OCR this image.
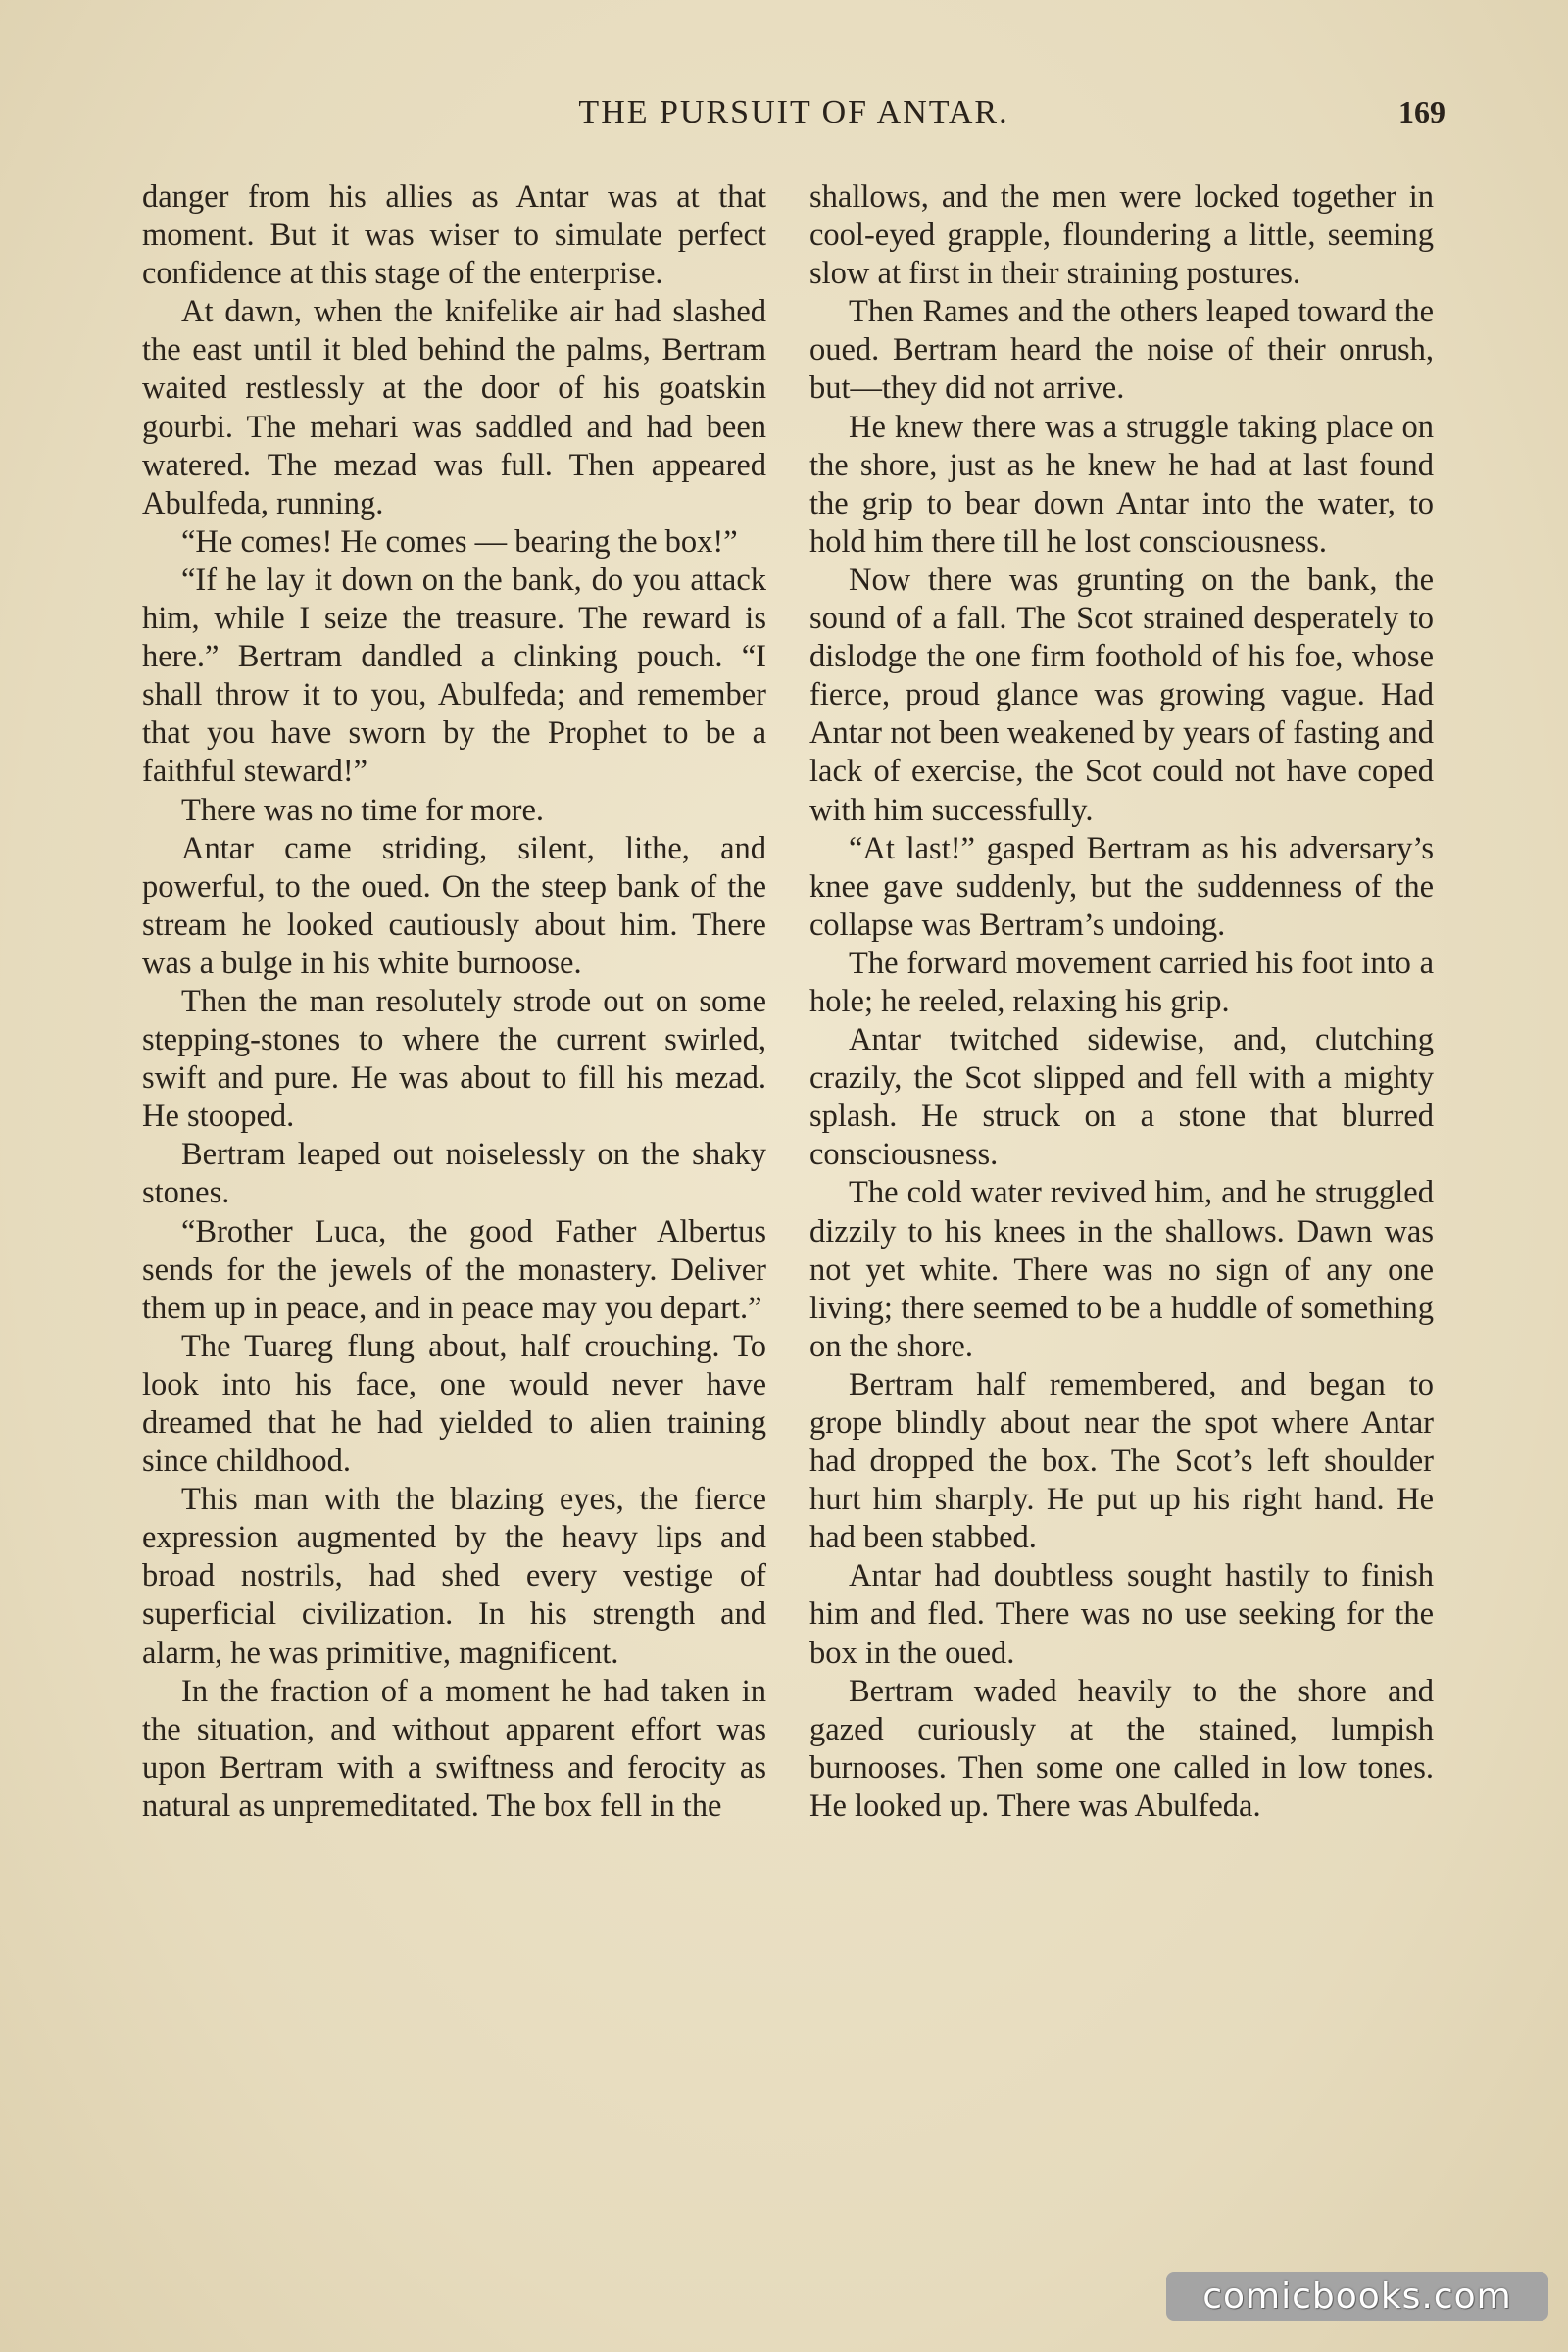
THE PURSUIT OF ANTAR.	169

danger from his allies as Antar was at that moment. But it was wiser to simulate perfect confidence at this stage of the enterprise.

At dawn, when the knifelike air had slashed the east until it bled behind the palms, Bertram waited restlessly at the door of his goatskin gourbi. The mehari was saddled and had been watered. The mezad was full. Then appeared Abulfeda, running.

“He comes! He comes — bearing the box!”

“If he lay it down on the bank, do you attack him, while I seize the treasure. The reward is here.” Bertram dandled a clinking pouch. “I shall throw it to you, Abulfeda; and remember that you have sworn by the Prophet to be a faithful steward!”

There was no time for more.

Antar came striding, silent, lithe, and powerful, to the oued. On the steep bank of the stream he looked cautiously about him. There was a bulge in his white burnoose.

Then the man resolutely strode out on some stepping-stones to where the current swirled, swift and pure. He was about to fill his mezad. He stooped.

Bertram leaped out noiselessly on the shaky stones.

“Brother Luca, the good Father Albertus sends for the jewels of the monastery. Deliver them up in peace, and in peace may you depart.”

The Tuareg flung about, half crouching. To look into his face, one would never have dreamed that he had yielded to alien training since childhood.

This man with the blazing eyes, the fierce expression augmented by the heavy lips and broad nostrils, had shed every vestige of superficial civilization. In his strength and alarm, he was primitive, magnificent.

In the fraction of a moment he had taken in the situation, and without apparent effort was upon Bertram with a swiftness and ferocity as natural as unpremeditated. The box fell in the

shallows, and the men were locked together in cool-eyed grapple, floundering a little, seeming slow at first in their straining postures.

Then Rames and the others leaped toward the oued. Bertram heard the noise of their onrush, but—they did not arrive.

He knew there was a struggle taking place on the shore, just as he knew he had at last found the grip to bear down Antar into the water, to hold him there till he lost consciousness.

Now there was grunting on the bank, the sound of a fall. The Scot strained desperately to dislodge the one firm foothold of his foe, whose fierce, proud glance was growing vague. Had Antar not been weakened by years of fasting and lack of exercise, the Scot could not have coped with him successfully.

“At last!” gasped Bertram as his adversary’s knee gave suddenly, but the suddenness of the collapse was Bertram’s undoing.

The forward movement carried his foot into a hole; he reeled, relaxing his grip.

Antar twitched sidewise, and, clutching crazily, the Scot slipped and fell with a mighty splash. He struck on a stone that blurred consciousness.

The cold water revived him, and he struggled dizzily to his knees in the shallows. Dawn was not yet white. There was no sign of any one living; there seemed to be a huddle of something on the shore.

Bertram half remembered, and began to grope blindly about near the spot where Antar had dropped the box. The Scot’s left shoulder hurt him sharply. He put up his right hand. He had been stabbed.

Antar had doubtless sought hastily to finish him and fled. There was no use seeking for the box in the oued.

Bertram waded heavily to the shore and gazed curiously at the stained, lumpish burnooses. Then some one called in low tones. He looked up. There was Abulfeda.

comicbooks.com
